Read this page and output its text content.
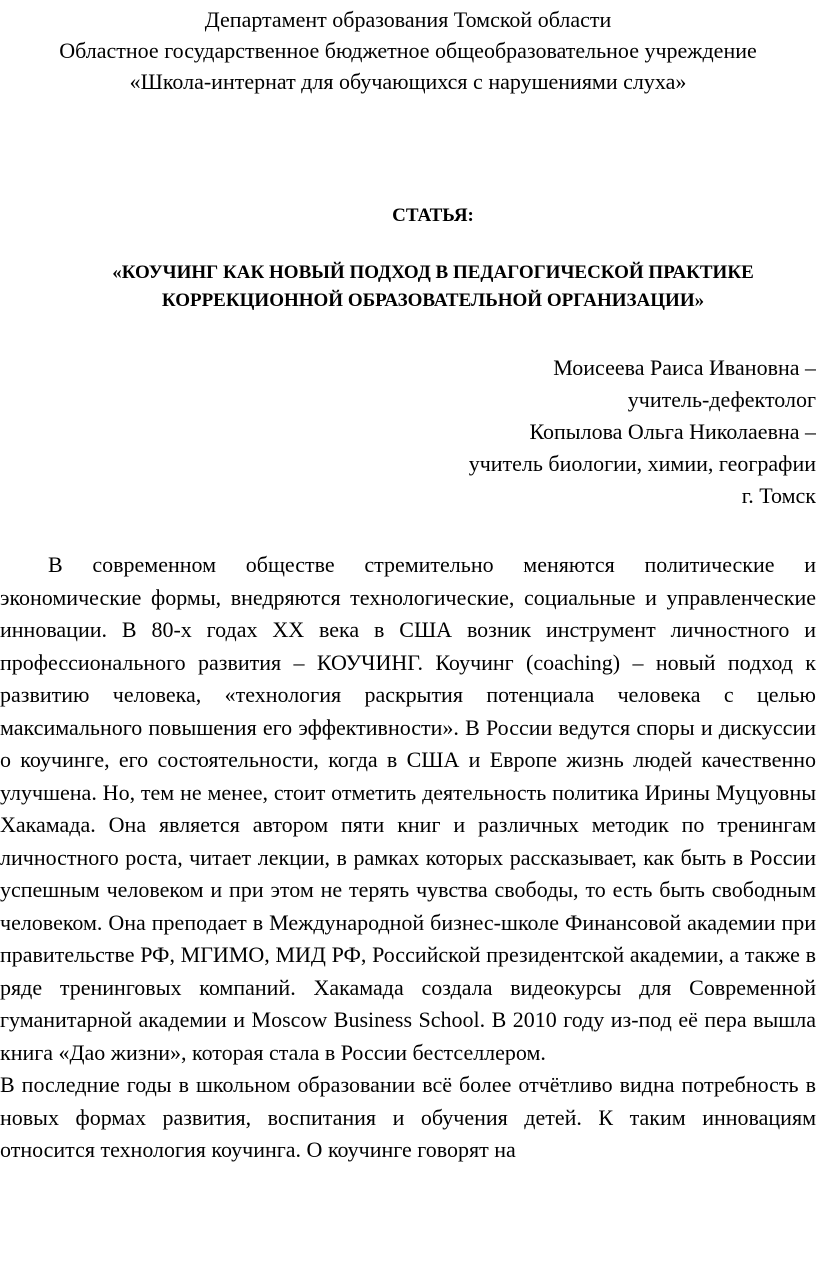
Департамент образования Томской области
Областное государственное бюджетное общеобразовательное учреждение
«Школа-интернат для обучающихся с нарушениями слуха»
СТАТЬЯ:
«КОУЧИНГ КАК НОВЫЙ ПОДХОД В ПЕДАГОГИЧЕСКОЙ ПРАКТИКЕ
КОРРЕКЦИОННОЙ ОБРАЗОВАТЕЛЬНОЙ ОРГАНИЗАЦИИ»
Моисеева Раиса Ивановна –
учитель-дефектолог
Копылова Ольга Николаевна –
учитель биологии, химии, географии
г. Томск

В современном обществе стремительно меняются политические и экономические формы, внедряются технологические, социальные и управленческие инновации. В 80-х годах XX века в США возник инструмент личностного и профессионального развития – КОУЧИНГ. Коучинг (coaching) – новый подход к развитию человека, «технология раскрытия потенциала человека с целью максимального повышения его эффективности». В России ведутся споры и дискуссии о коучинге, его состоятельности, когда в США и Европе жизнь людей качественно улучшена. Но, тем не менее, стоит отметить деятельность политика Ирины Муцуовны Хакамада. Она является автором пяти книг и различных методик по тренингам личностного роста, читает лекции, в рамках которых рассказывает, как быть в России успешным человеком и при этом не терять чувства свободы, то есть быть свободным человеком. Она преподает в Международной бизнес-школе Финансовой академии при правительстве РФ, МГИМО, МИД РФ, Российской президентской академии, а также в ряде тренинговых компаний. Хакамада создала видеокурсы для Современной гуманитарной академии и Moscow Business School. В 2010 году из-под её пера вышла книга «Дао жизни», которая стала в России бестселлером.

В последние годы в школьном образовании всё более отчётливо видна потребность в новых формах развития, воспитания и обучения детей. К таким инновациям относится технология коучинга. О коучинге говорят на
